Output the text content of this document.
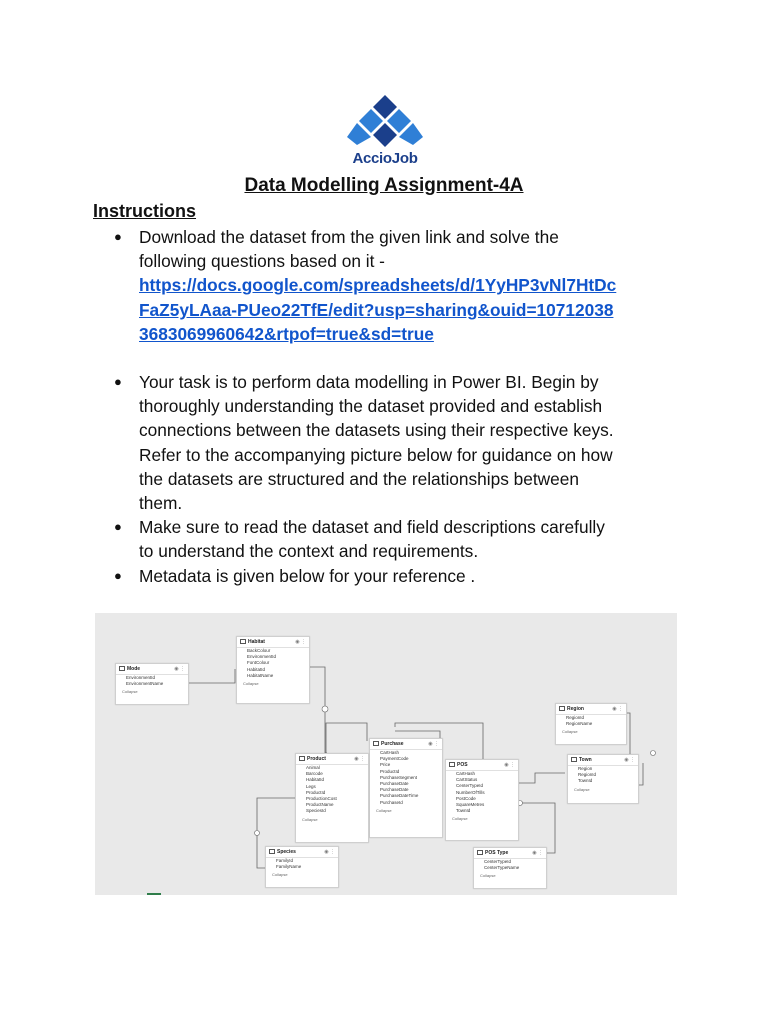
AccioJob
Data Modelling Assignment-4A
Instructions
● Download the dataset from the given link and solve the
following questions based on it -
https://docs.google.com/spreadsheets/d/1YyHP3vNl7HtDc
FaZ5yLAaa-PUeo22TfE/edit?usp=sharing&ouid=10712038
3683069960642&rtpof=true&sd=true
● Your task is to perform data modelling in Power BI. Begin by
thoroughly understanding the dataset provided and establish
connections between the datasets using their respective keys.
Refer to the accompanying picture below for guidance on how
the datasets are structured and the relationships between
them.
● Make sure to read the dataset and field descriptions carefully
to understand the context and requirements.
● Metadata is given below for your reference .
Mode	◉ ⋮
EnvironmentId
EnvironmentName
Collapse
Habitat	◉ ⋮
BackColour
EnvironmentId
FontColour
HabitatId
HabitatName
Collapse
Region	◉ ⋮
RegionId
RegionName
Collapse
Purchase	◉ ⋮
CartHash
PaymentCode
Price
ProductId
PurchaseSegment
PurchaseDate
PurchaseDate
PurchaseDateTime
PurchaseId
Collapse
Product	◉ ⋮
Animal
Barcode
HabitatId
Legs
ProductId
ProductionCost
ProductName
SpeciesId
Collapse
POS	◉ ⋮
CartHash
CartStatus
CenterTypeId
NumberOfTills
PostCode
SquareMetres
TownId
Collapse
Town	◉ ⋮
Region
RegionId
TownId
Collapse
Species	◉ ⋮
FamilyId
FamilyName
Collapse
POS Type	◉ ⋮
CenterTypeId
CenterTypeName
Collapse
